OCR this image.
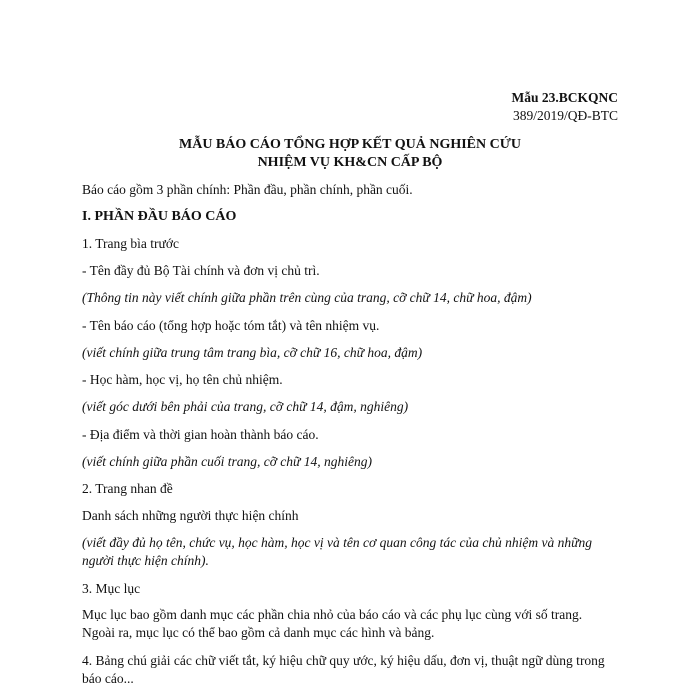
Mẫu 23.BCKQNC
389/2019/QĐ-BTC
MẪU BÁO CÁO TỔNG HỢP KẾT QUẢ NGHIÊN CỨU
NHIỆM VỤ KH&CN CẤP BỘ
Báo cáo gồm 3 phần chính: Phần đầu, phần chính, phần cuối.
I. PHẦN ĐẦU BÁO CÁO
1. Trang bìa trước
- Tên đầy đủ Bộ Tài chính và đơn vị chủ trì.
(Thông tin này viết chính giữa phần trên cùng của trang, cỡ chữ 14, chữ hoa, đậm)
- Tên báo cáo (tổng hợp hoặc tóm tắt) và tên nhiệm vụ.
(viết chính giữa trung tâm trang bìa, cỡ chữ 16, chữ hoa, đậm)
- Học hàm, học vị, họ tên chủ nhiệm.
(viết góc dưới bên phải của trang, cỡ chữ 14, đậm, nghiêng)
- Địa điểm và thời gian hoàn thành báo cáo.
(viết chính giữa phần cuối trang, cỡ chữ 14, nghiêng)
2. Trang nhan đề
Danh sách những người thực hiện chính
(viết đầy đủ họ tên, chức vụ, học hàm, học vị và tên cơ quan công tác của chủ nhiệm và những người thực hiện chính).
3. Mục lục
Mục lục bao gồm danh mục các phần chia nhỏ của báo cáo và các phụ lục cùng với số trang. Ngoài ra, mục lục có thể bao gồm cả danh mục các hình và bảng.
4. Bảng chú giải các chữ viết tắt, ký hiệu chữ quy ước, ký hiệu dấu, đơn vị, thuật ngữ dùng trong báo cáo...
